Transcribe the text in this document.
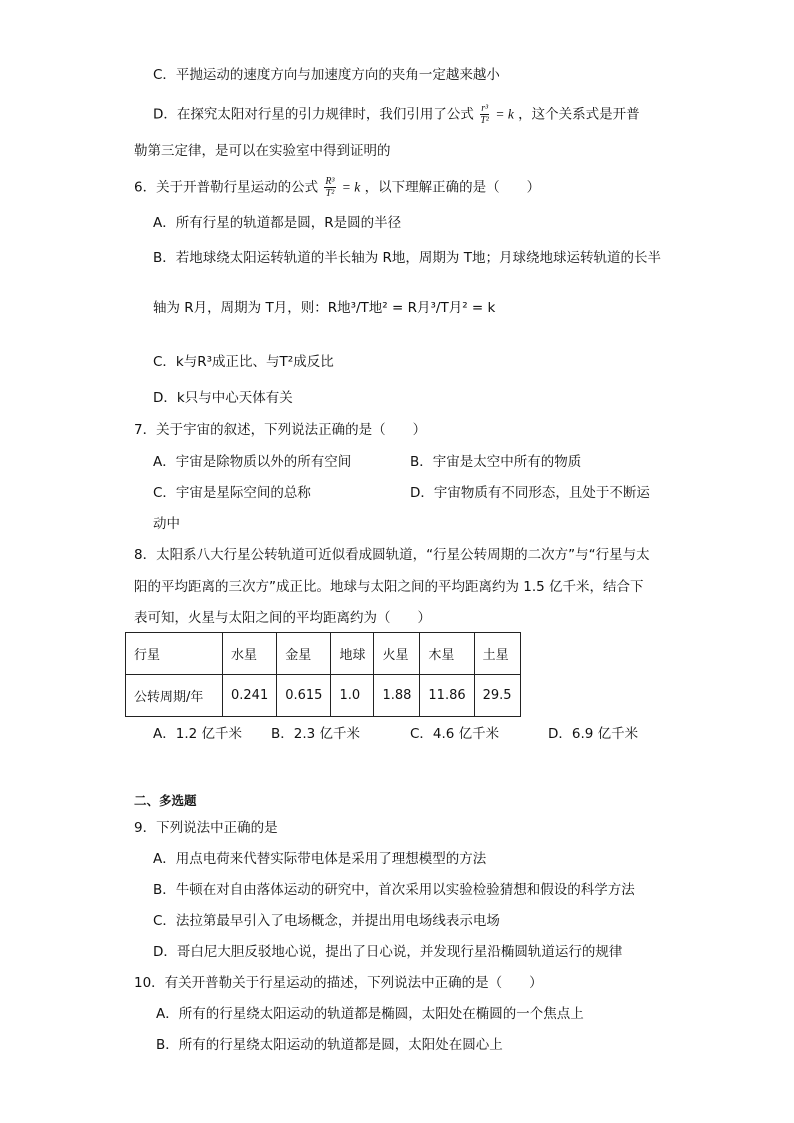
C．平抛运动的速度方向与加速度方向的夹角一定越来越小
D．在探究太阳对行星的引力规律时，我们引用了公式 $\frac{\text{r³}}{\text{T²}} = k$ ，这个关系式是开普
勒第三定律，是可以在实验室中得到证明的
6．关于开普勒行星运动的公式 $\frac{\text{R³}}{\text{T²}} = k$ ，以下理解正确的是（　　）
A．所有行星的轨道都是圆，R是圆的半径
B．若地球绕太阳运转轨道的半长轴为 R地，周期为 T地；月球绕地球运转轨道的长半
轴为 R月，周期为 T月，则：R地³/T地² = R月³/T月² = k
C．k与R³成正比、与T²成反比
D．k只与中心天体有关
7．关于宇宙的叙述，下列说法正确的是（　　）
A．宇宙是除物质以外的所有空间	B．宇宙是太空中所有的物质
C．宇宙是星际空间的总称	D．宇宙物质有不同形态，且处于不断运
动中
8．太阳系八大行星公转轨道可近似看成圆轨道，“行星公转周期的二次方”与“行星与太
阳的平均距离的三次方”成正比。地球与太阳之间的平均距离约为 1.5 亿千米，结合下
表可知，火星与太阳之间的平均距离约为（　　）
行星	水星	金星	地球	火星	木星	土星
公转周期/年	0.241	0.615	1.0	1.88	11.86	29.5
A．1.2 亿千米 B．2.3 亿千米	C．4.6 亿千米	D．6.9 亿千米
二、多选题
9．下列说法中正确的是
A．用点电荷来代替实际带电体是采用了理想模型的方法
B．牛顿在对自由落体运动的研究中，首次采用以实验检验猜想和假设的科学方法
C．法拉第最早引入了电场概念，并提出用电场线表示电场
D．哥白尼大胆反驳地心说，提出了日心说，并发现行星沿椭圆轨道运行的规律
10．有关开普勒关于行星运动的描述，下列说法中正确的是（　　）
A．所有的行星绕太阳运动的轨道都是椭圆，太阳处在椭圆的一个焦点上
B．所有的行星绕太阳运动的轨道都是圆，太阳处在圆心上
